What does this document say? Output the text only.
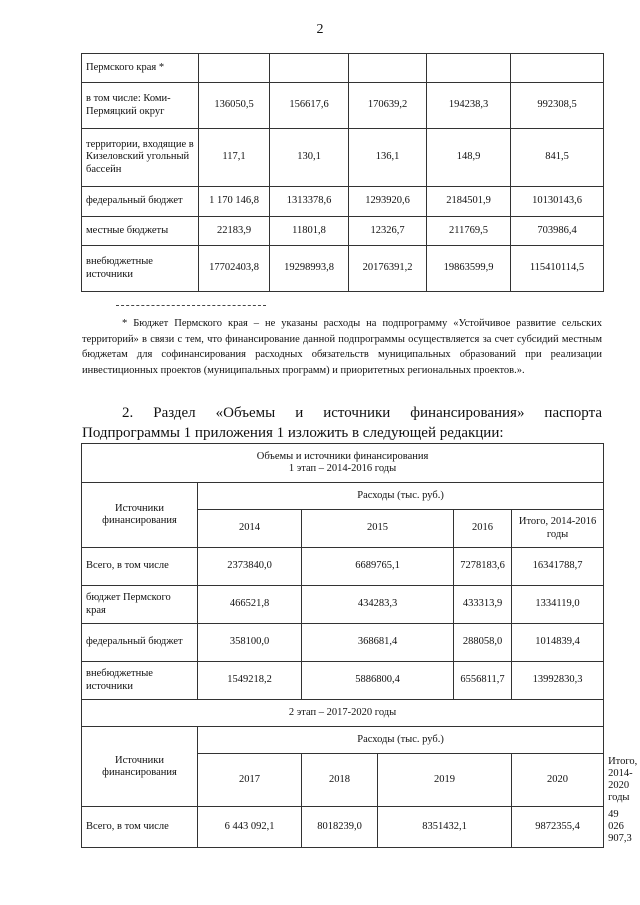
2
Пермского края *					
в том числе: Коми-Пермяцкий округ	136050,5	156617,6	170639,2	194238,3	992308,5
территории, входящие в Кизеловский угольный бассейн	117,1	130,1	136,1	148,9	841,5
федеральный бюджет	1 170 146,8	1313378,6	1293920,6	2184501,9	10130143,6
местные бюджеты	22183,9	11801,8	12326,7	211769,5	703986,4
внебюджетные источники	17702403,8	19298993,8	20176391,2	19863599,9	115410114,5
* Бюджет Пермского края – не указаны расходы на подпрограмму «Устойчивое развитие сельских территорий» в связи с тем, что финансирование данной подпрограммы осуществляется за счет субсидий местным бюджетам для софинансирования расходных обязательств муниципальных образований при реализации инвестиционных проектов (муниципальных программ) и приоритетных региональных проектов.».
2. Раздел «Объемы и источники финансирования» паспорта Подпрограммы 1 приложения 1 изложить в следующей редакции:
Объемы и источники финансирования
1 этап – 2014-2016 годы						
Источники финансирования	Расходы (тыс. руб.)					
	2014	2015		2016	Итого, 2014-2016 годы	
Всего, в том числе	2373840,0	6689765,1		7278183,6	16341788,7	
бюджет Пермского края	466521,8	434283,3		433313,9	1334119,0	
федеральный бюджет	358100,0	368681,4		288058,0	1014839,4	
внебюджетные источники	1549218,2	5886800,4		6556811,7	13992830,3	
2 этап – 2017-2020 годы						
Источники финансирования	Расходы (тыс. руб.)					
	2017	2018	2019		2020	Итого, 2014-2020 годы
Всего, в том числе	6 443 092,1	8018239,0	8351432,1		9872355,4	49 026 907,3
